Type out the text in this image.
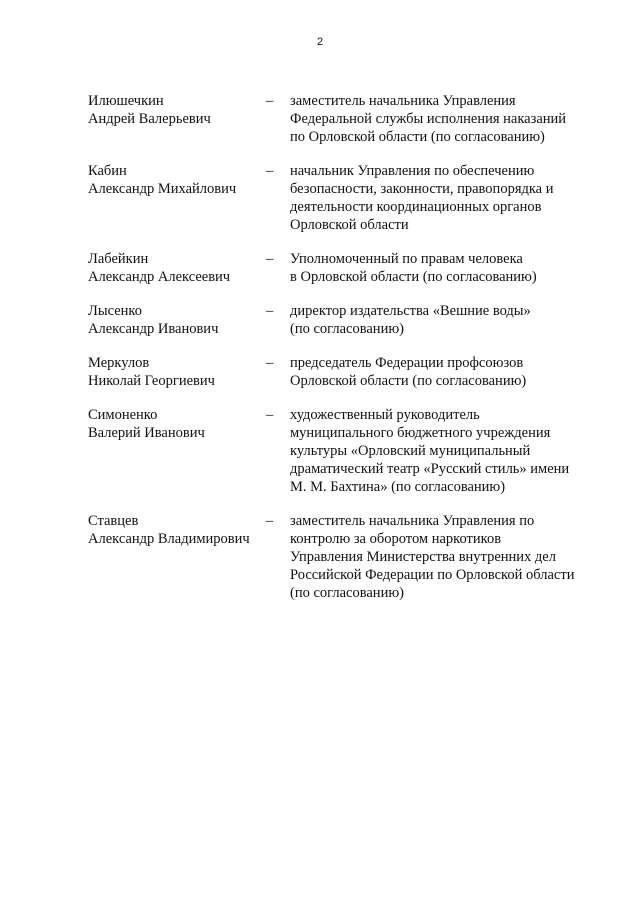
2
Илюшечкин
Андрей Валерьевич
– заместитель начальника Управления
Федеральной службы исполнения наказаний
по Орловской области (по согласованию)
Кабин
Александр Михайлович
– начальник Управления по обеспечению
безопасности, законности, правопорядка и
деятельности координационных органов
Орловской области
Лабейкин
Александр Алексеевич
– Уполномоченный по правам человека
в Орловской области (по согласованию)
Лысенко
Александр Иванович
– директор издательства «Вешние воды»
(по согласованию)
Меркулов
Николай Георгиевич
– председатель Федерации профсоюзов
Орловской области (по согласованию)
Симоненко
Валерий Иванович
– художественный руководитель
муниципального бюджетного учреждения
культуры «Орловский муниципальный
драматический театр «Русский стиль» имени
М. М. Бахтина» (по согласованию)
Ставцев
Александр Владимирович
– заместитель начальника Управления по
контролю за оборотом наркотиков
Управления Министерства внутренних дел
Российской Федерации по Орловской области
(по согласованию)
